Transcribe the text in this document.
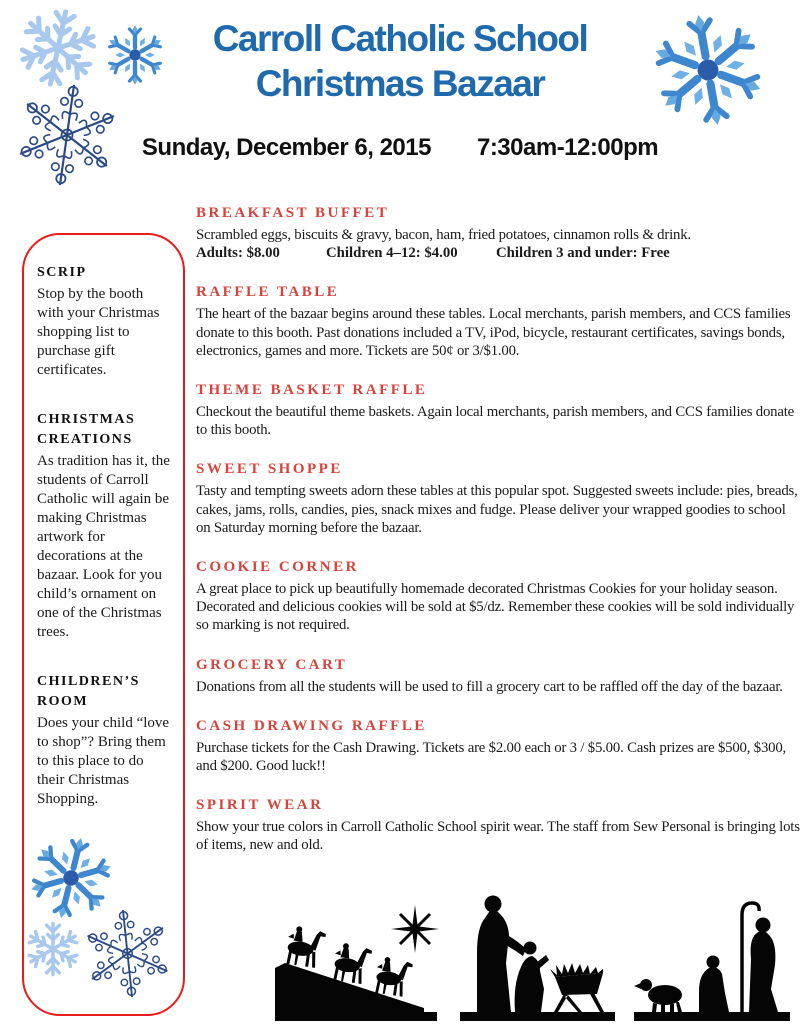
Carroll Catholic School
Christmas Bazaar
Sunday, December 6, 2015 7:30am-12:00pm
SCRIP

Stop by the booth with your Christmas shopping list to purchase gift certificates.

CHRISTMAS CREATIONS

As tradition has it, the students of Carroll Catholic will again be making Christmas artwork for decorations at the bazaar. Look for you child’s ornament on one of the Christmas trees.

CHILDREN’S ROOM

Does your child “love to shop”? Bring them to this place to do their Christmas Shopping.

BREAKFAST BUFFET

Scrambled eggs, biscuits & gravy, bacon, ham, fried potatoes, cinnamon rolls & drink.

Adults: $8.00	Children 4–12: $4.00	Children 3 and under: Free
RAFFLE TABLE

The heart of the bazaar begins around these tables. Local merchants, parish members, and CCS families donate to this booth. Past donations included a TV, iPod, bicycle, restaurant certificates, savings bonds, electronics, games and more. Tickets are 50¢ or 3/$1.00.

THEME BASKET RAFFLE

Checkout the beautiful theme baskets. Again local merchants, parish members, and CCS families donate to this booth.

SWEET SHOPPE

Tasty and tempting sweets adorn these tables at this popular spot. Suggested sweets include: pies, breads, cakes, jams, rolls, candies, pies, snack mixes and fudge. Please deliver your wrapped goodies to school on Saturday morning before the bazaar.

COOKIE CORNER

A great place to pick up beautifully homemade decorated Christmas Cookies for your holiday season. Decorated and delicious cookies will be sold at $5/dz. Remember these cookies will be sold individually so marking is not required.

GROCERY CART

Donations from all the students will be used to fill a grocery cart to be raffled off the day of the bazaar.

CASH DRAWING RAFFLE

Purchase tickets for the Cash Drawing. Tickets are $2.00 each or 3 / $5.00. Cash prizes are $500, $300, and $200. Good luck!!

SPIRIT WEAR

Show your true colors in Carroll Catholic School spirit wear. The staff from Sew Personal is bringing lots of items, new and old.
